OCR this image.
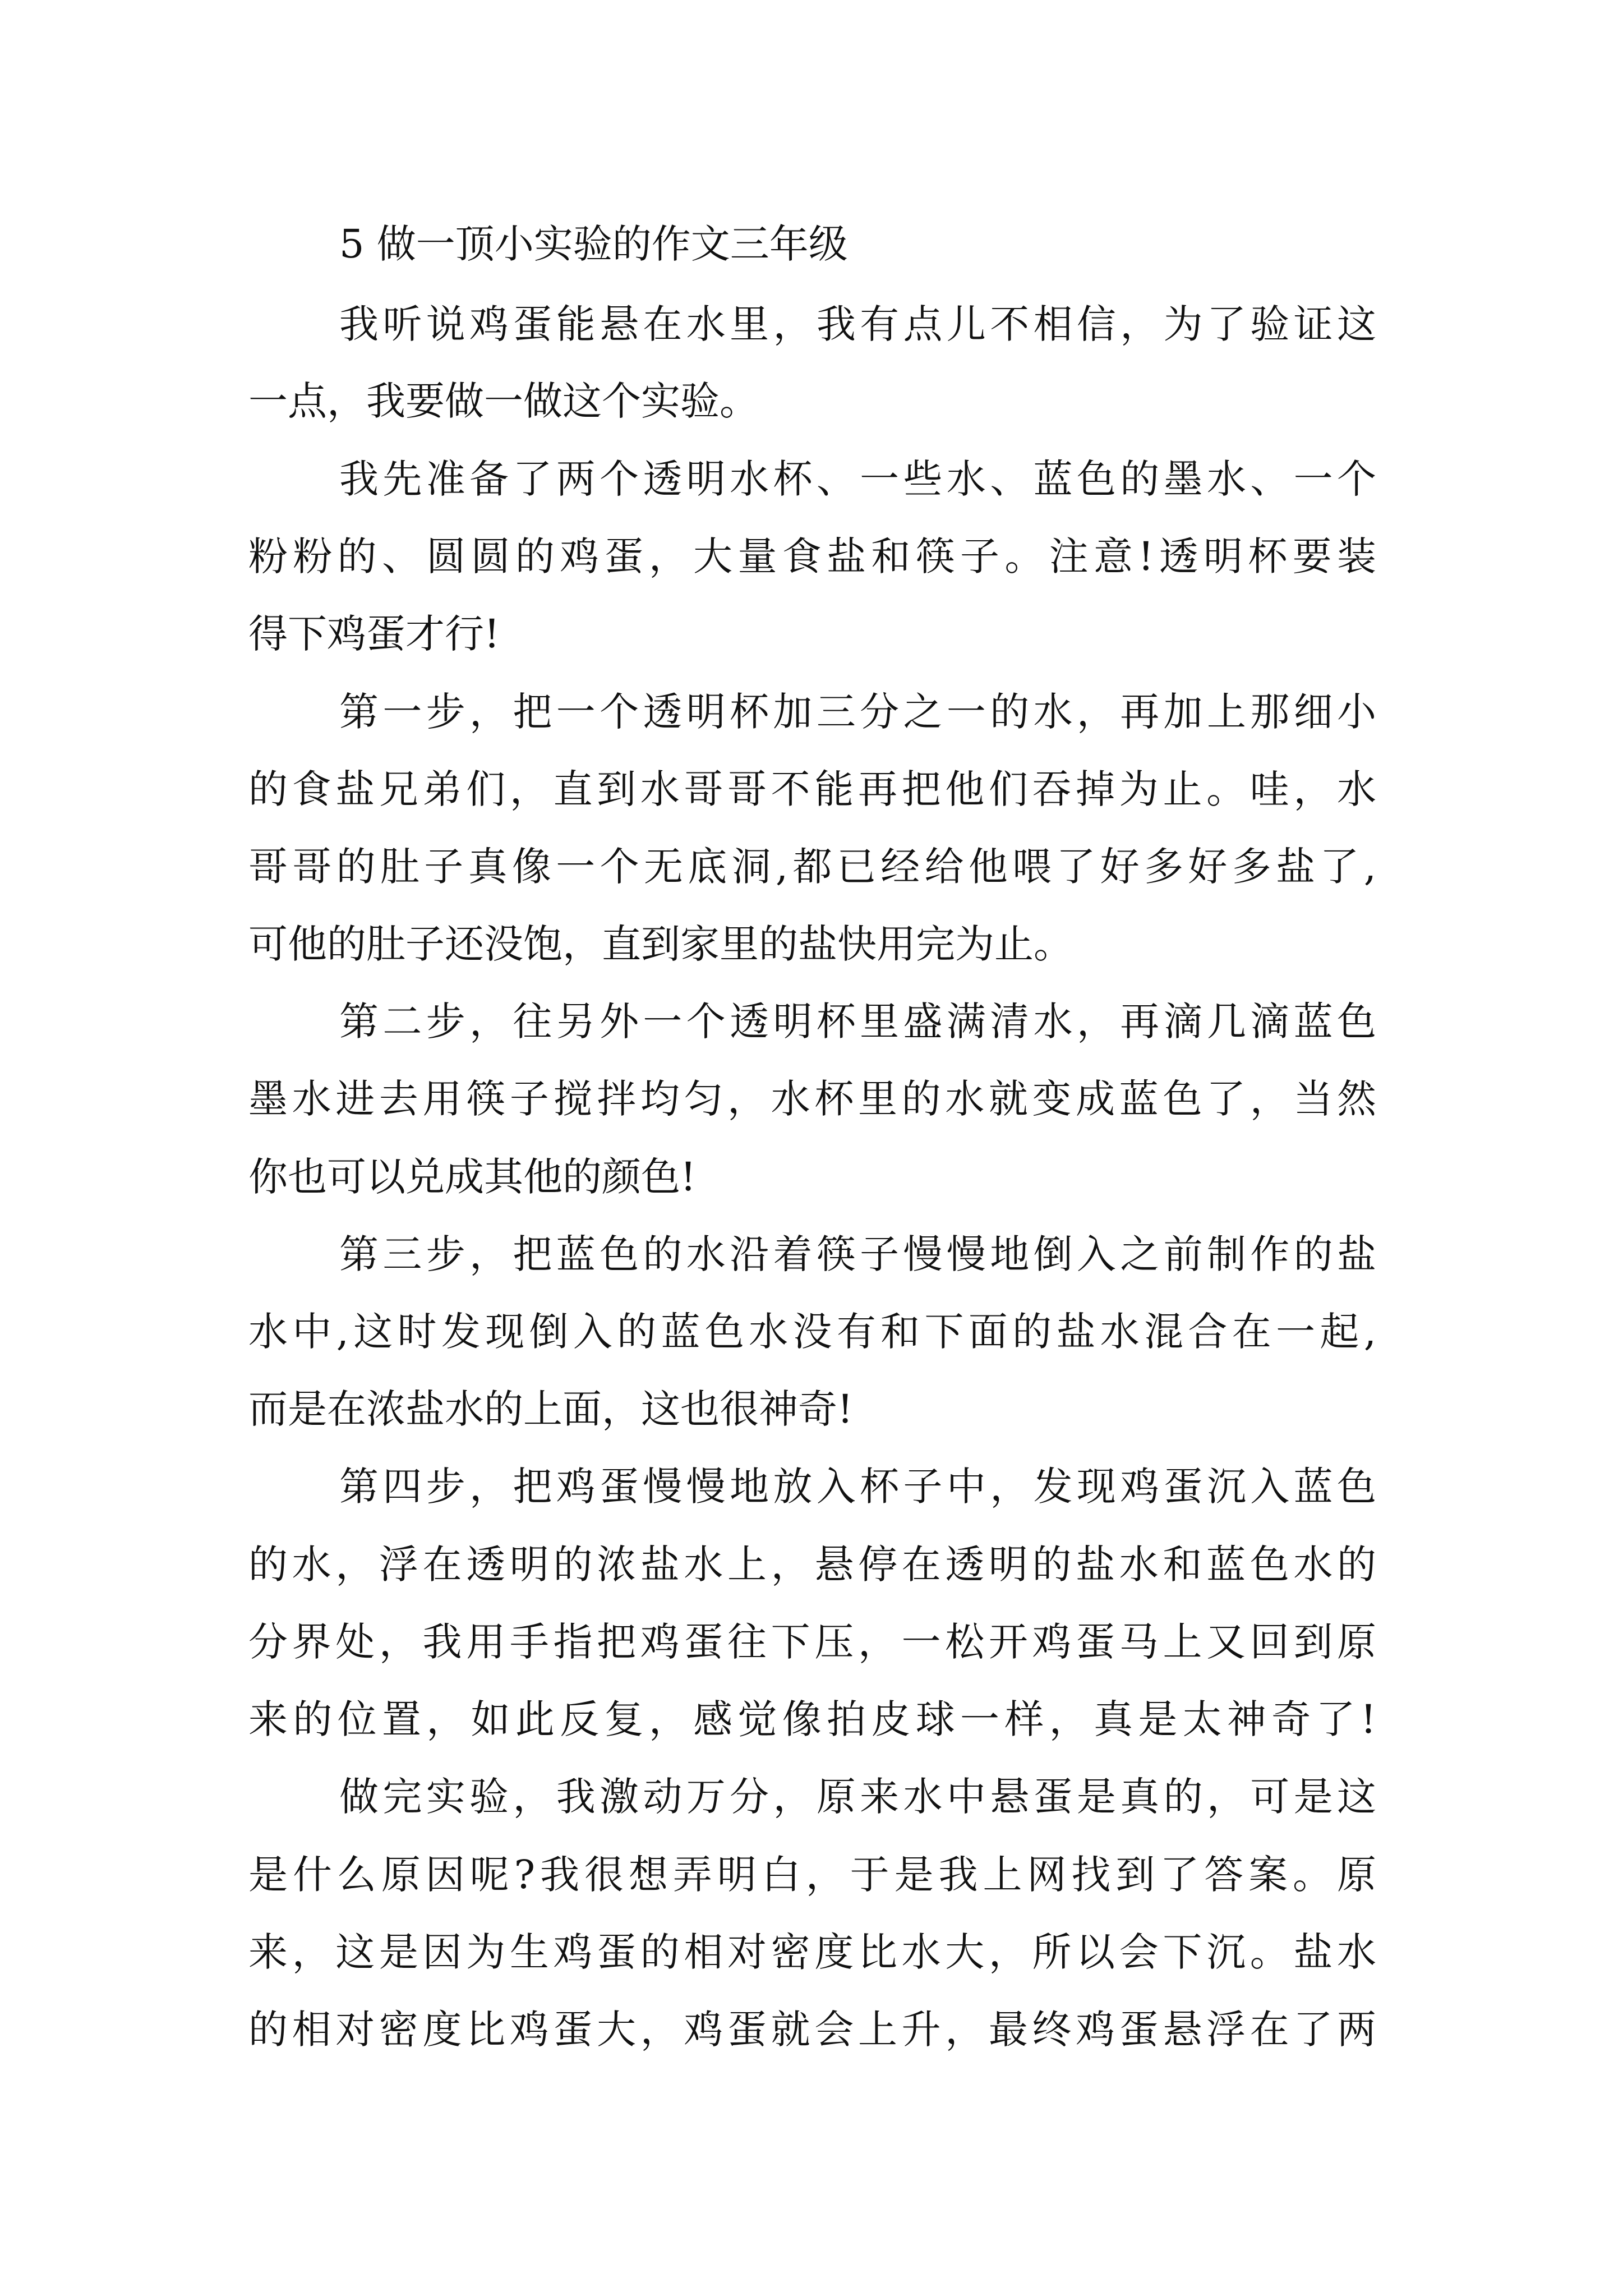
5 做一顶小实验的作文三年级

我听说鸡蛋能悬在水里，我有点儿不相信，为了验证这

一点，我要做一做这个实验。

我先准备了两个透明水杯、一些水、蓝色的墨水、一个

粉粉的、圆圆的鸡蛋，大量食盐和筷子。注意!透明杯要装

得下鸡蛋才行!

第一步，把一个透明杯加三分之一的水，再加上那细小

的食盐兄弟们，直到水哥哥不能再把他们吞掉为止。哇，水

哥哥的肚子真像一个无底洞,都已经给他喂了好多好多盐了,

可他的肚子还没饱，直到家里的盐快用完为止。

第二步，往另外一个透明杯里盛满清水，再滴几滴蓝色

墨水进去用筷子搅拌均匀，水杯里的水就变成蓝色了，当然

你也可以兑成其他的颜色!

第三步，把蓝色的水沿着筷子慢慢地倒入之前制作的盐

水中,这时发现倒入的蓝色水没有和下面的盐水混合在一起,

而是在浓盐水的上面，这也很神奇!

第四步，把鸡蛋慢慢地放入杯子中，发现鸡蛋沉入蓝色

的水，浮在透明的浓盐水上，悬停在透明的盐水和蓝色水的

分界处，我用手指把鸡蛋往下压，一松开鸡蛋马上又回到原

来的位置，如此反复，感觉像拍皮球一样，真是太神奇了!

做完实验，我激动万分，原来水中悬蛋是真的，可是这

是什么原因呢?我很想弄明白，于是我上网找到了答案。原

来，这是因为生鸡蛋的相对密度比水大，所以会下沉。盐水

的相对密度比鸡蛋大，鸡蛋就会上升，最终鸡蛋悬浮在了两
